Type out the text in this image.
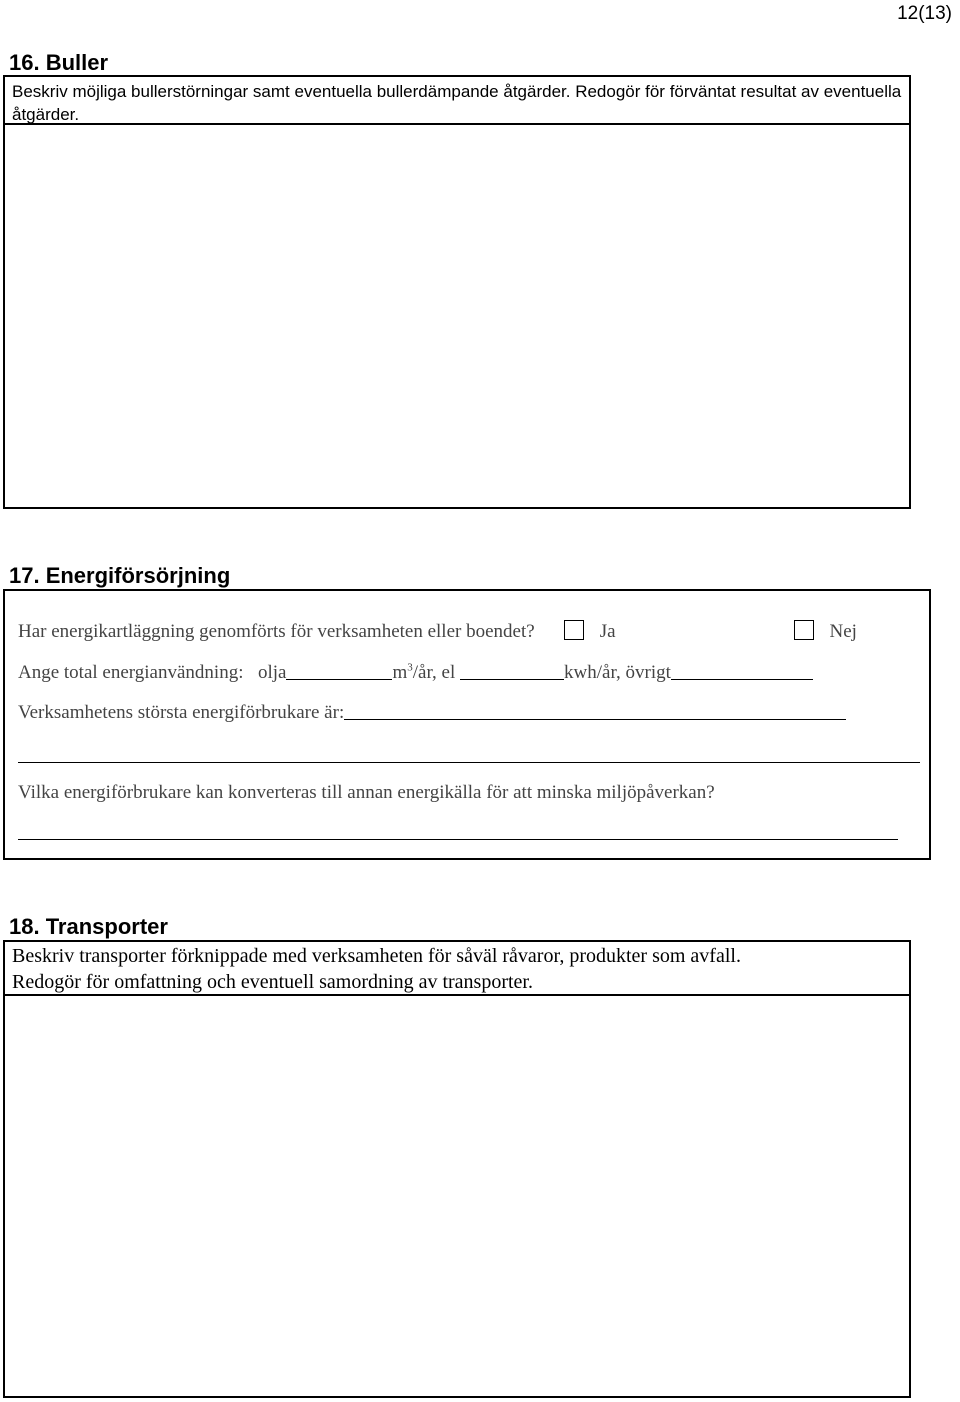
12(13)
16. Buller
Beskriv möjliga bullerstörningar samt eventuella bullerdämpande åtgärder. Redogör för förväntat resultat av eventuella åtgärder.
17. Energiförsörjning
Har energikartläggning genomförts för verksamheten eller boendet?	Ja	Nej
Ange total energianvändning: olja	$m^3/år$, el	kwh/år, övrigt
Verksamhetens största energiförbrukare är:
Vilka energiförbrukare kan konverteras till annan energikälla för att minska miljöpåverkan?
18. Transporter
Beskriv transporter förknippade med verksamheten för såväl råvaror, produkter som avfall.
Redogör för omfattning och eventuell samordning av transporter.
